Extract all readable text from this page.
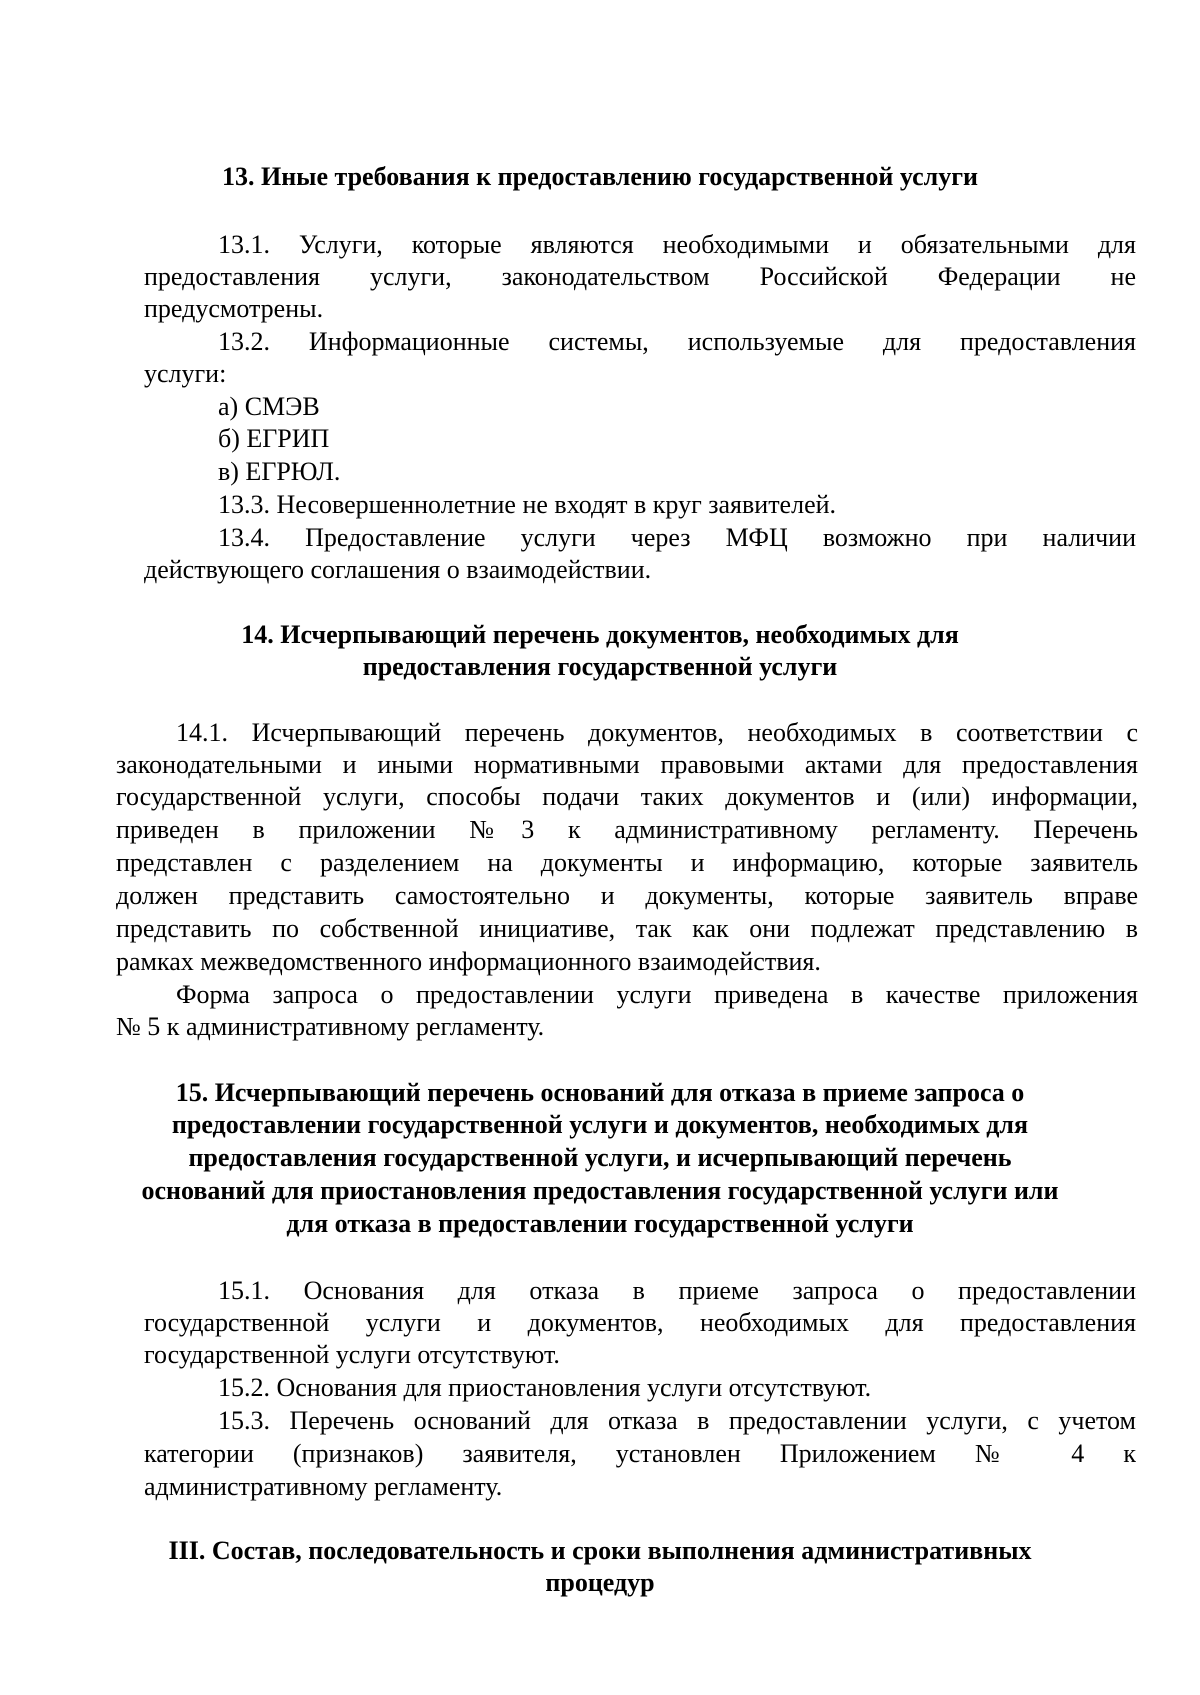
13. Иные требования к предоставлению государственной услуги
13.1. Услуги, которые являются необходимыми и обязательными для
предоставления услуги, законодательством Российской Федерации не
предусмотрены.
13.2. Информационные системы, используемые для предоставления
услуги:
а) СМЭВ
б) ЕГРИП
в) ЕГРЮЛ.
13.3. Несовершеннолетние не входят в круг заявителей.
13.4. Предоставление услуги через МФЦ возможно при наличии
действующего соглашения о взаимодействии.
14. Исчерпывающий перечень документов, необходимых для
предоставления государственной услуги
14.1. Исчерпывающий перечень документов, необходимых в соответствии с
законодательными и иными нормативными правовыми актами для предоставления
государственной услуги, способы подачи таких документов и (или) информации,
приведен в приложении №3 к административному регламенту. Перечень
представлен с разделением на документы и информацию, которые заявитель
должен представить самостоятельно и документы, которые заявитель вправе
представить по собственной инициативе, так как они подлежат представлению в
рамках межведомственного информационного взаимодействия.
Форма запроса о предоставлении услуги приведена в качестве приложения
№ 5 к административному регламенту.
15. Исчерпывающий перечень оснований для отказа в приеме запроса о
предоставлении государственной услуги и документов, необходимых для
предоставления государственной услуги, и исчерпывающий перечень
оснований для приостановления предоставления государственной услуги или
для отказа в предоставлении государственной услуги
15.1. Основания для отказа в приеме запроса о предоставлении
государственной услуги и документов, необходимых для предоставления
государственной услуги отсутствуют.
15.2. Основания для приостановления услуги отсутствуют.
15.3. Перечень оснований для отказа в предоставлении услуги, с учетом
категории (признаков) заявителя, установлен Приложением № 4 к
административному регламенту.
III. Состав, последовательность и сроки выполнения административных
процедур
